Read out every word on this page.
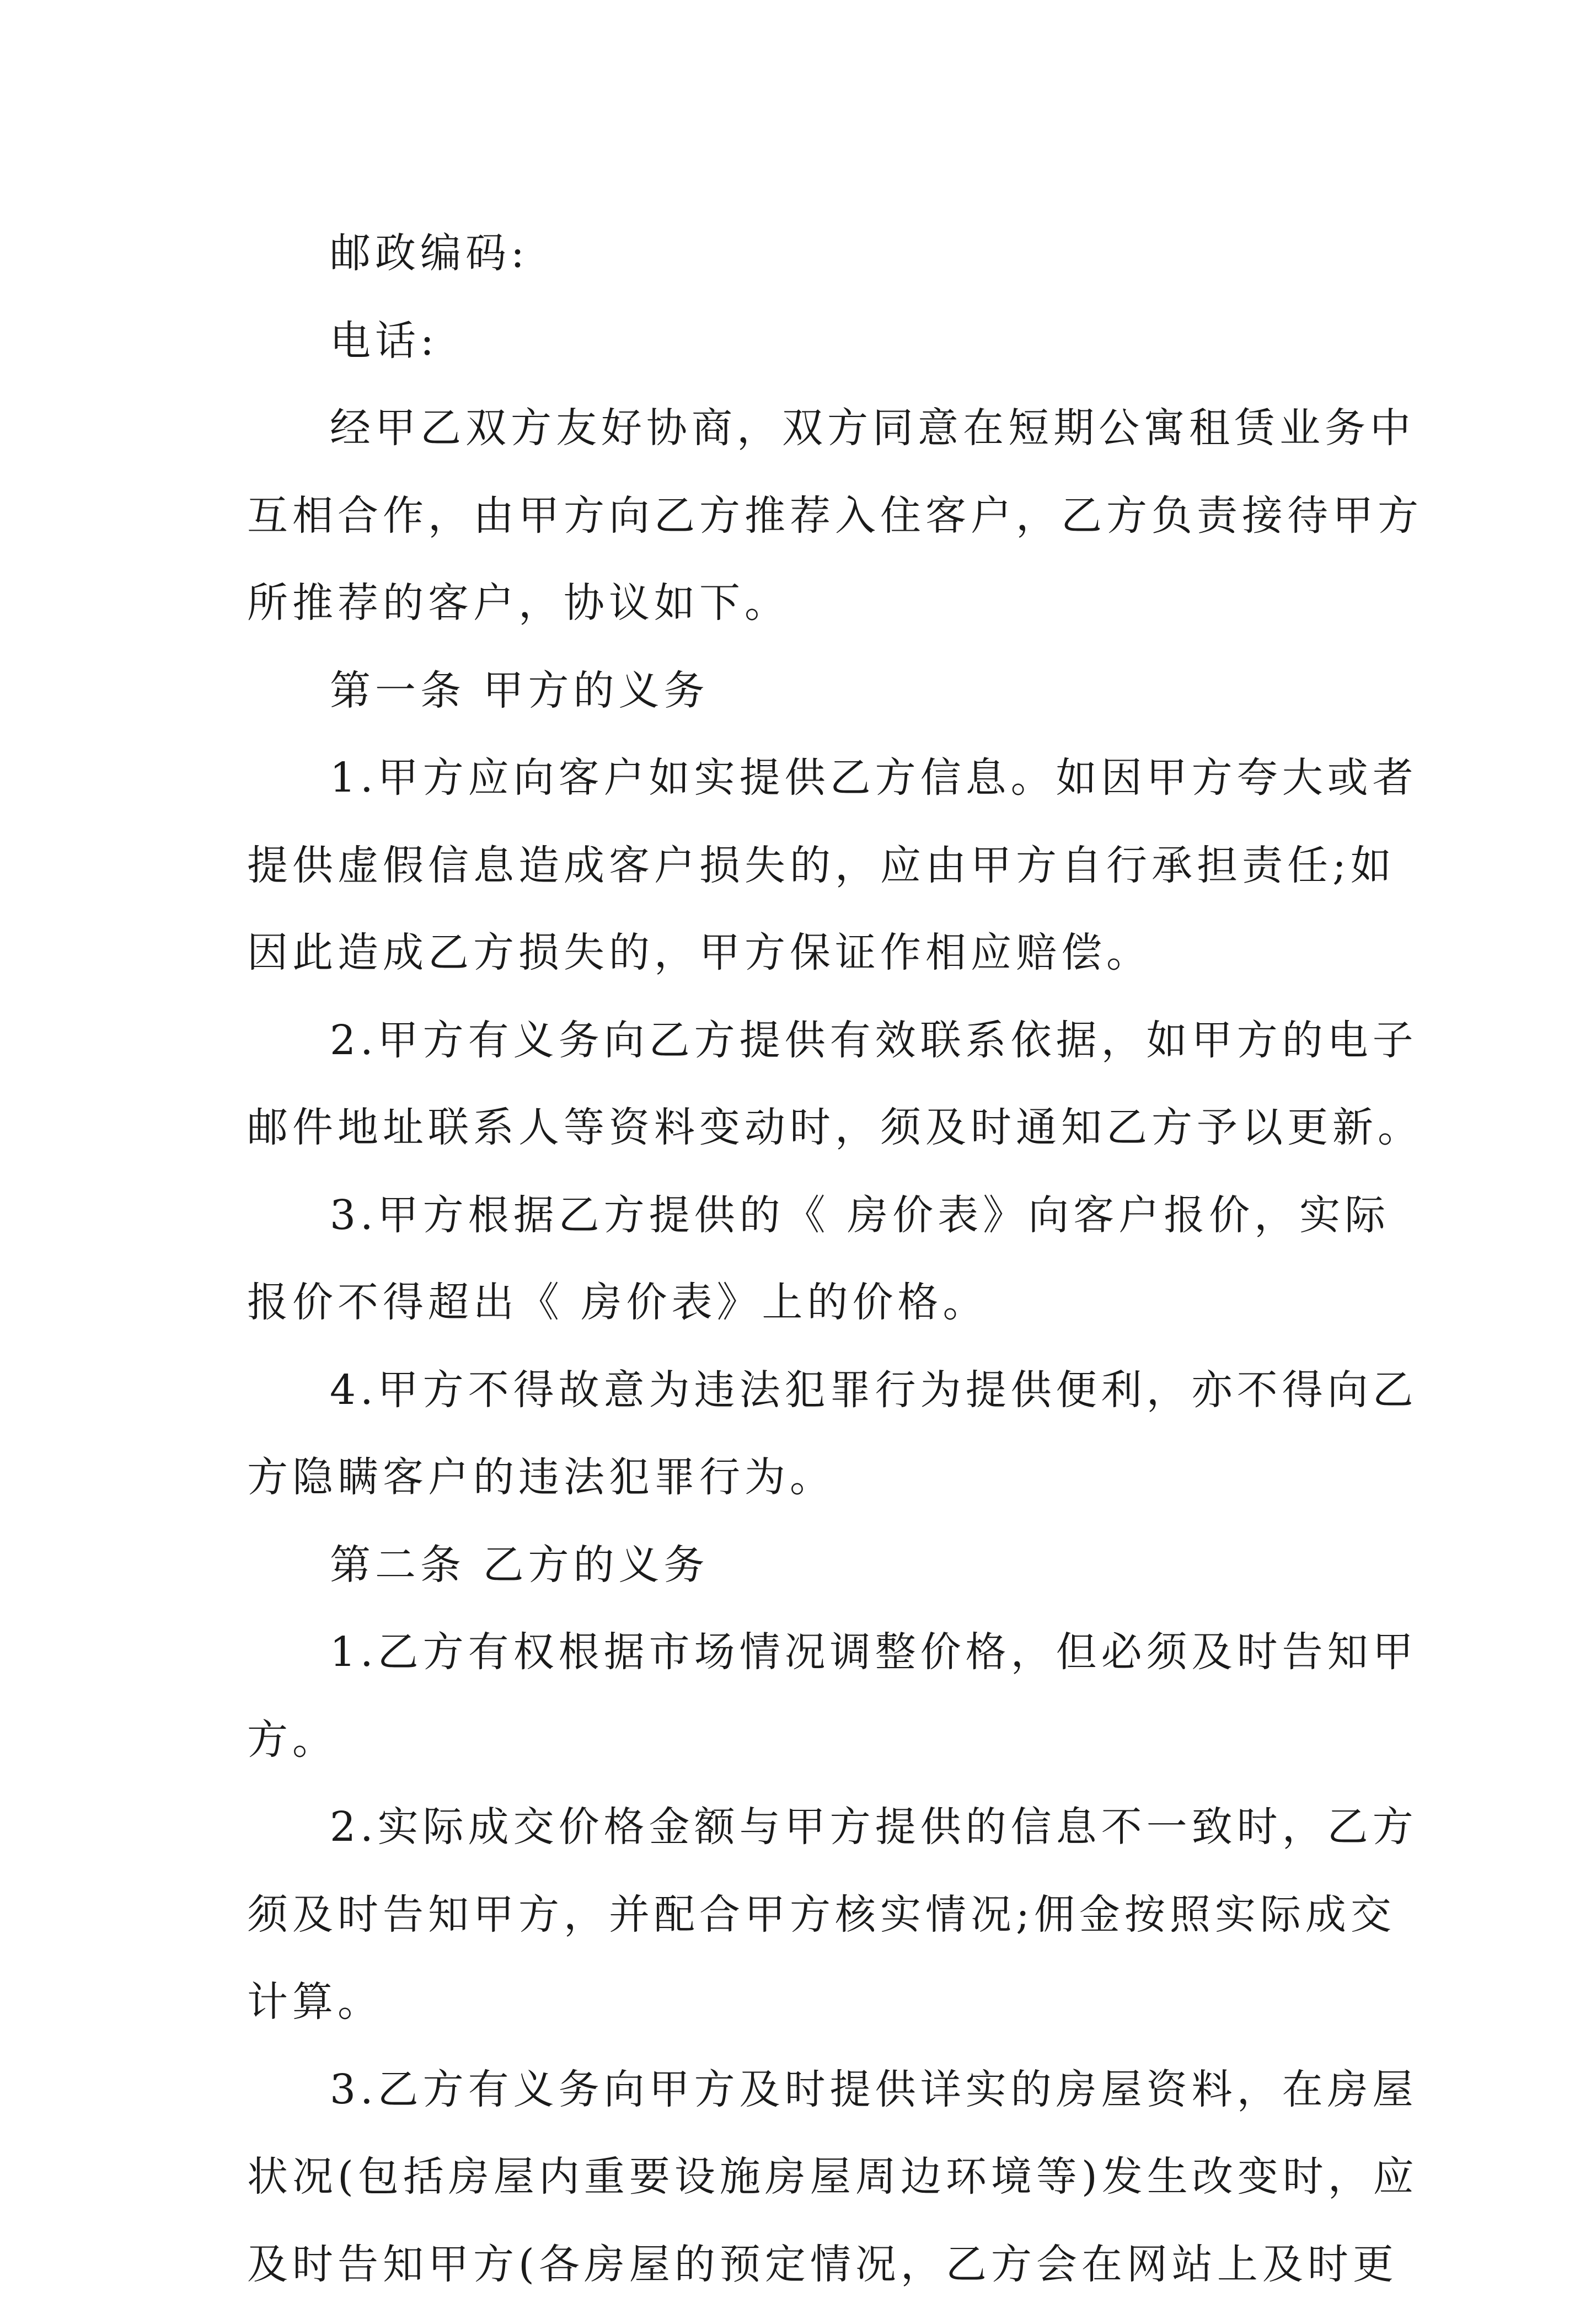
邮政编码:
电话:
经甲乙双方友好协商，双方同意在短期公寓租赁业务中
互相合作，由甲方向乙方推荐入住客户，乙方负责接待甲方
所推荐的客户，协议如下。
第一条 甲方的义务
1.甲方应向客户如实提供乙方信息。如因甲方夸大或者
提供虚假信息造成客户损失的，应由甲方自行承担责任;如
因此造成乙方损失的，甲方保证作相应赔偿。
2.甲方有义务向乙方提供有效联系依据，如甲方的电子
邮件地址联系人等资料变动时，须及时通知乙方予以更新。
3.甲方根据乙方提供的《 房价表》向客户报价，实际
报价不得超出《 房价表》上的价格。
4.甲方不得故意为违法犯罪行为提供便利，亦不得向乙
方隐瞒客户的违法犯罪行为。
第二条 乙方的义务
1.乙方有权根据市场情况调整价格，但必须及时告知甲
方。
2.实际成交价格金额与甲方提供的信息不一致时，乙方
须及时告知甲方，并配合甲方核实情况;佣金按照实际成交
计算。
3.乙方有义务向甲方及时提供详实的房屋资料，在房屋
状况(包括房屋内重要设施房屋周边环境等)发生改变时，应
及时告知甲方(各房屋的预定情况，乙方会在网站上及时更
